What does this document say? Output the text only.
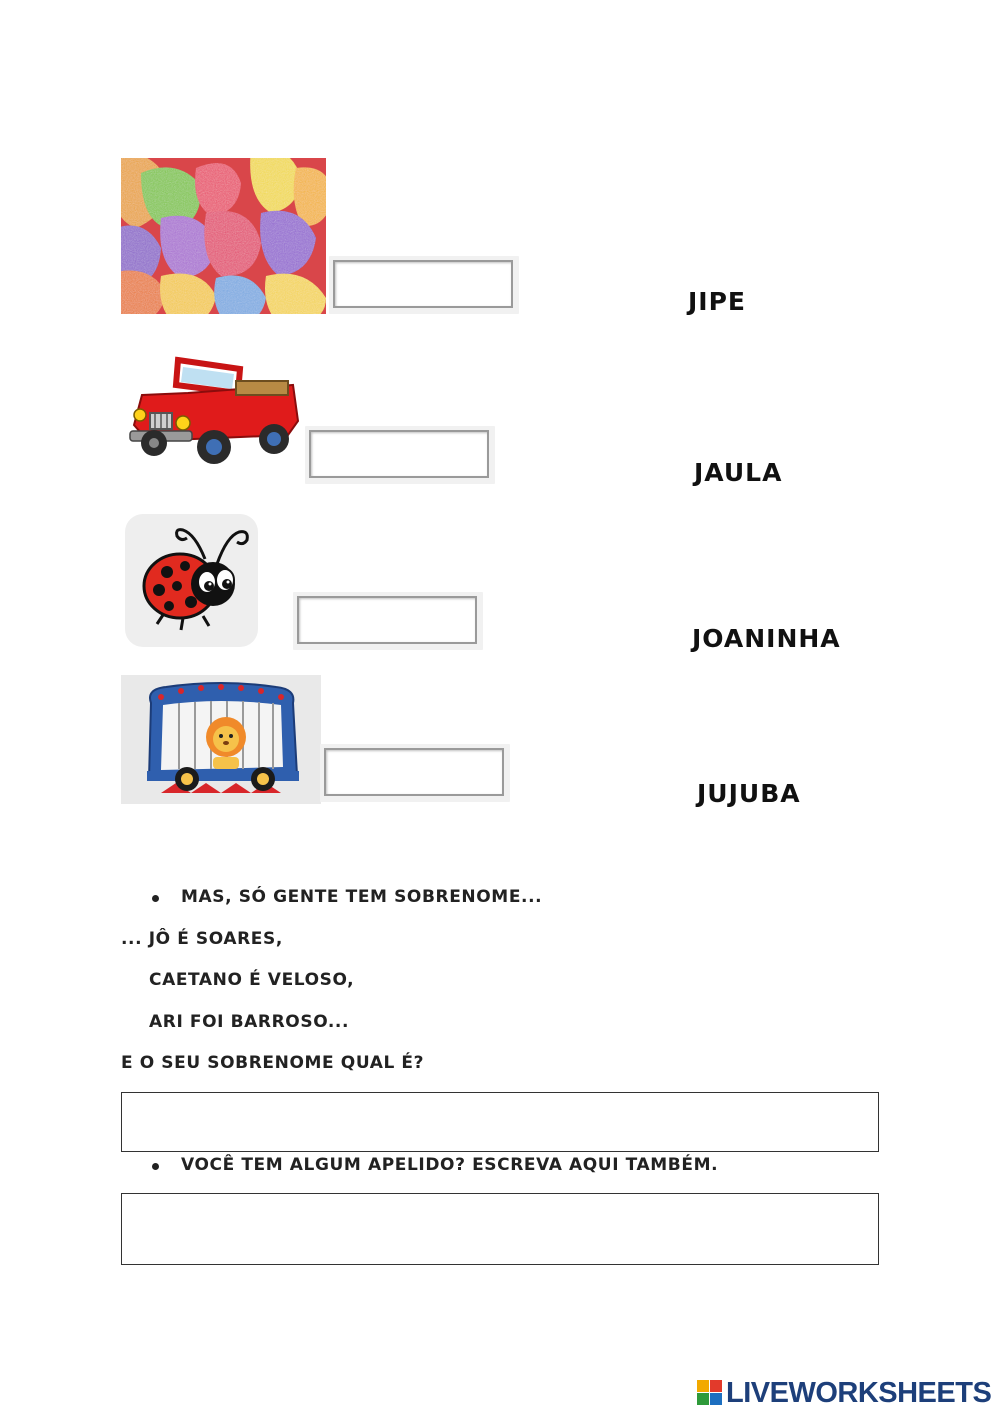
JIPE
JAULA
JOANINHA
JUJUBA
MAS, SÓ GENTE TEM SOBRENOME...
... JÔ É SOARES,
CAETANO É VELOSO,
ARI FOI BARROSO...
E O SEU SOBRENOME QUAL É?
VOCÊ TEM ALGUM APELIDO? ESCREVA AQUI TAMBÉM.
LIVEWORKSHEETS
